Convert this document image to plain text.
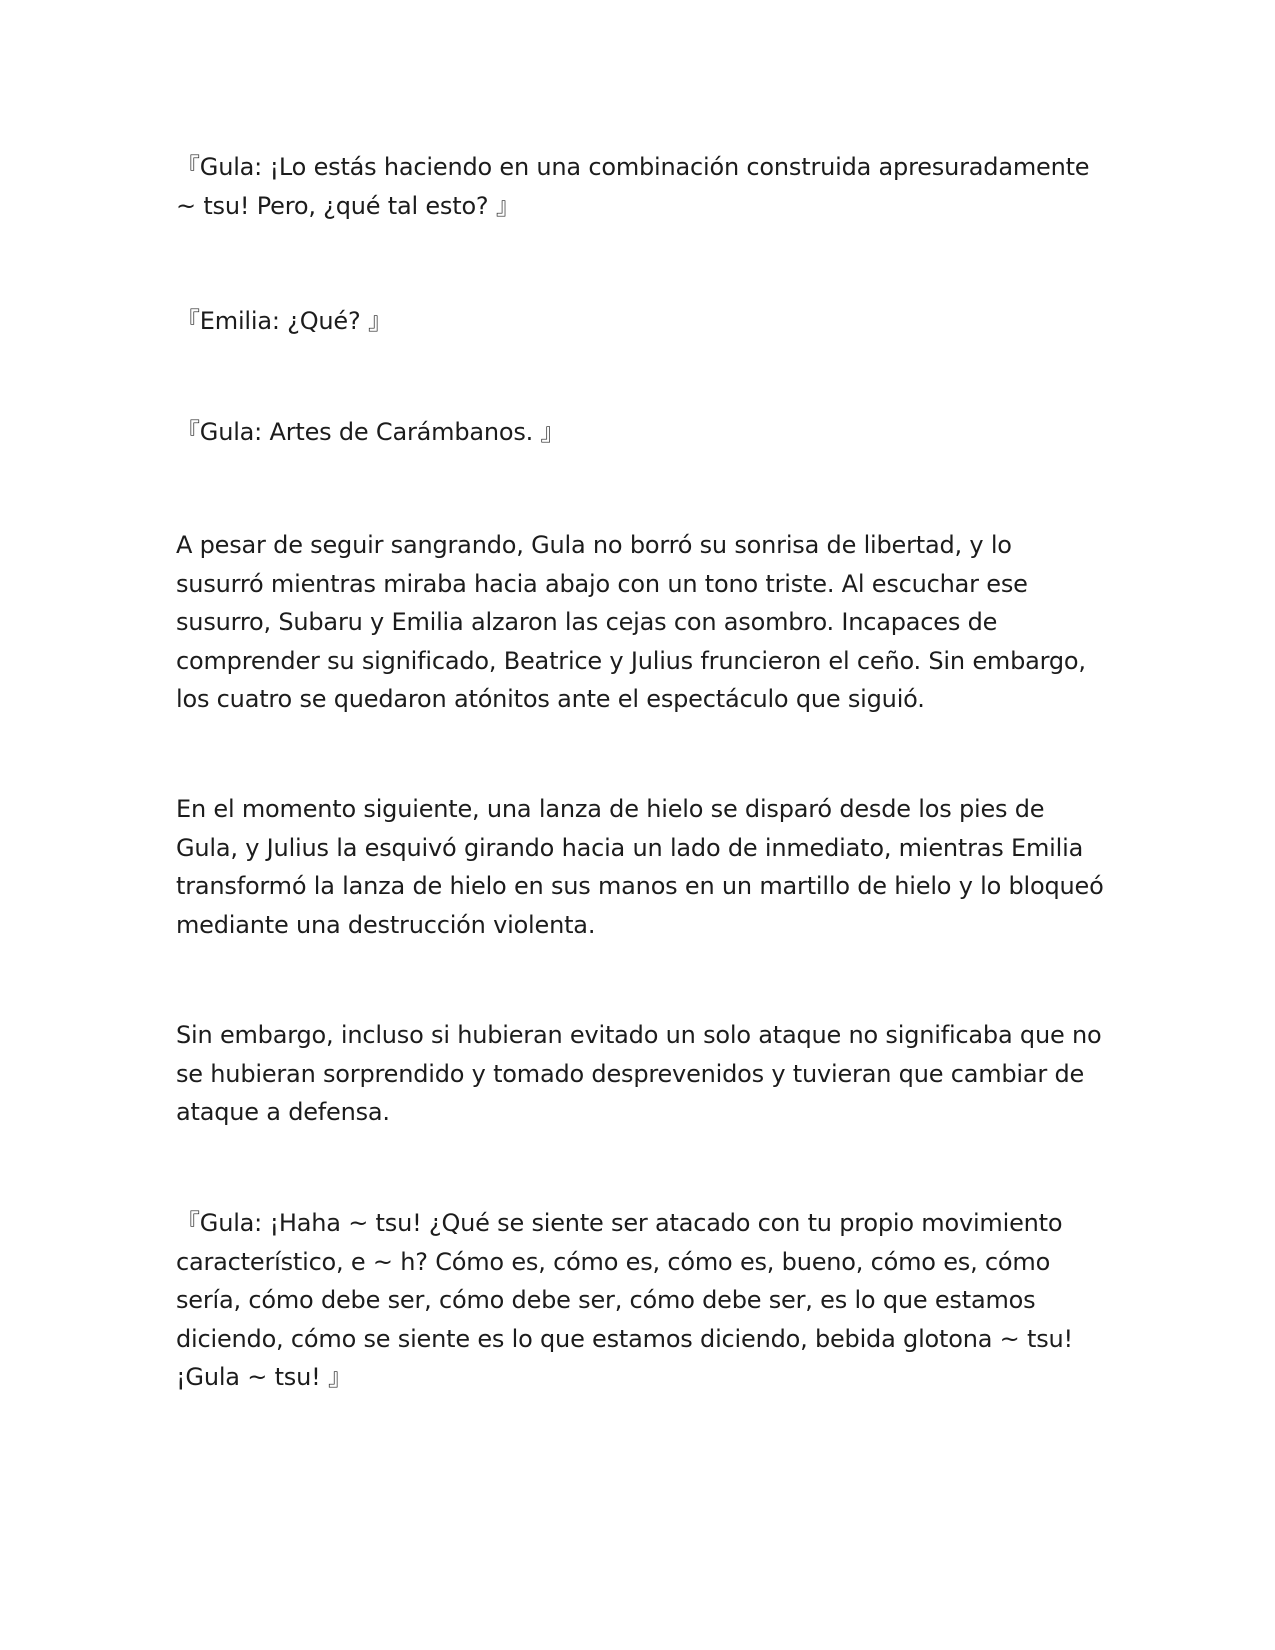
『Gula: ¡Lo estás haciendo en una combinación construida apresuradamente ~ tsu! Pero, ¿qué tal esto? 』

『Emilia: ¿Qué? 』

『Gula: Artes de Carámbanos. 』

A pesar de seguir sangrando, Gula no borró su sonrisa de libertad, y lo susurró mientras miraba hacia abajo con un tono triste. Al escuchar ese susurro, Subaru y Emilia alzaron las cejas con asombro. Incapaces de comprender su significado, Beatrice y Julius fruncieron el ceño. Sin embargo, los cuatro se quedaron atónitos ante el espectáculo que siguió.

En el momento siguiente, una lanza de hielo se disparó desde los pies de Gula, y Julius la esquivó girando hacia un lado de inmediato, mientras Emilia transformó la lanza de hielo en sus manos en un martillo de hielo y lo bloqueó mediante una destrucción violenta.

Sin embargo, incluso si hubieran evitado un solo ataque no significaba que no se hubieran sorprendido y tomado desprevenidos y tuvieran que cambiar de ataque a defensa.

『Gula: ¡Haha ~ tsu! ¿Qué se siente ser atacado con tu propio movimiento característico, e ~ h? Cómo es, cómo es, cómo es, bueno, cómo es, cómo sería, cómo debe ser, cómo debe ser, cómo debe ser, es lo que estamos diciendo, cómo se siente es lo que estamos diciendo, bebida glotona ~ tsu! ¡Gula ~ tsu! 』
